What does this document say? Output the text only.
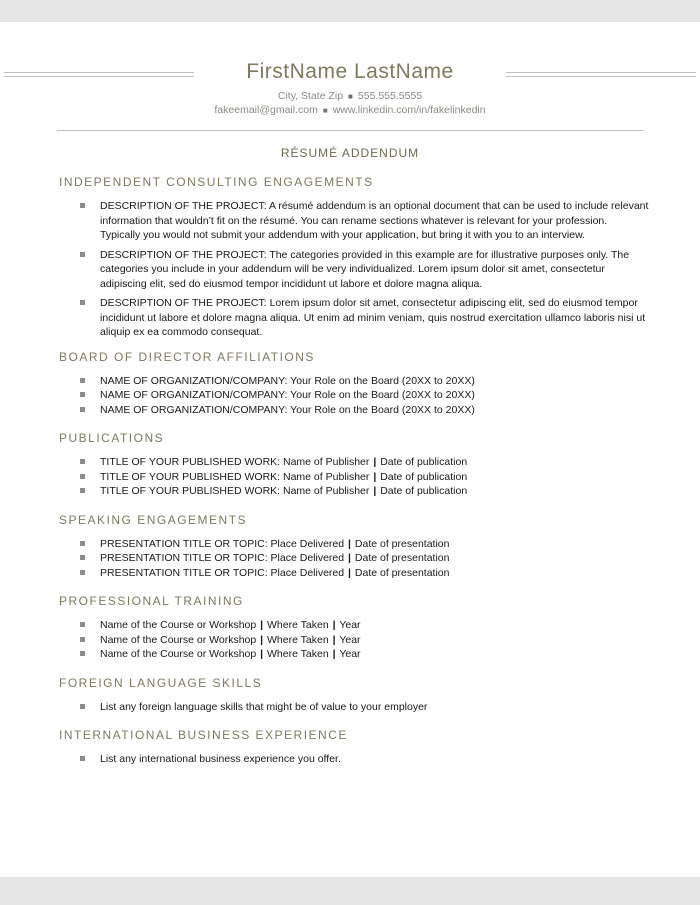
FirstName LastName
City, State Zip ■ 555.555.5555
fakeemail@gmail.com ■ www.linkedin.com/in/fakelinkedin
RÉSUMÉ ADDENDUM
INDEPENDENT CONSULTING ENGAGEMENTS
DESCRIPTION OF THE PROJECT: A résumé addendum is an optional document that can be used to include relevant information that wouldn’t fit on the résumé. You can rename sections whatever is relevant for your profession. Typically you would not submit your addendum with your application, but bring it with you to an interview.
DESCRIPTION OF THE PROJECT: The categories provided in this example are for illustrative purposes only. The categories you include in your addendum will be very individualized. Lorem ipsum dolor sit amet, consectetur adipiscing elit, sed do eiusmod tempor incididunt ut labore et dolore magna aliqua.
DESCRIPTION OF THE PROJECT: Lorem ipsum dolor sit amet, consectetur adipiscing elit, sed do eiusmod tempor incididunt ut labore et dolore magna aliqua. Ut enim ad minim veniam, quis nostrud exercitation ullamco laboris nisi ut aliquip ex ea commodo consequat.
BOARD OF DIRECTOR AFFILIATIONS
NAME OF ORGANIZATION/COMPANY: Your Role on the Board (20XX to 20XX)
NAME OF ORGANIZATION/COMPANY: Your Role on the Board (20XX to 20XX)
NAME OF ORGANIZATION/COMPANY: Your Role on the Board (20XX to 20XX)
PUBLICATIONS
TITLE OF YOUR PUBLISHED WORK: Name of Publisher | Date of publication
TITLE OF YOUR PUBLISHED WORK: Name of Publisher | Date of publication
TITLE OF YOUR PUBLISHED WORK: Name of Publisher | Date of publication
SPEAKING ENGAGEMENTS
PRESENTATION TITLE OR TOPIC: Place Delivered | Date of presentation
PRESENTATION TITLE OR TOPIC: Place Delivered | Date of presentation
PRESENTATION TITLE OR TOPIC: Place Delivered | Date of presentation
PROFESSIONAL TRAINING
Name of the Course or Workshop | Where Taken | Year
Name of the Course or Workshop | Where Taken | Year
Name of the Course or Workshop | Where Taken | Year
FOREIGN LANGUAGE SKILLS
List any foreign language skills that might be of value to your employer
INTERNATIONAL BUSINESS EXPERIENCE
List any international business experience you offer.
